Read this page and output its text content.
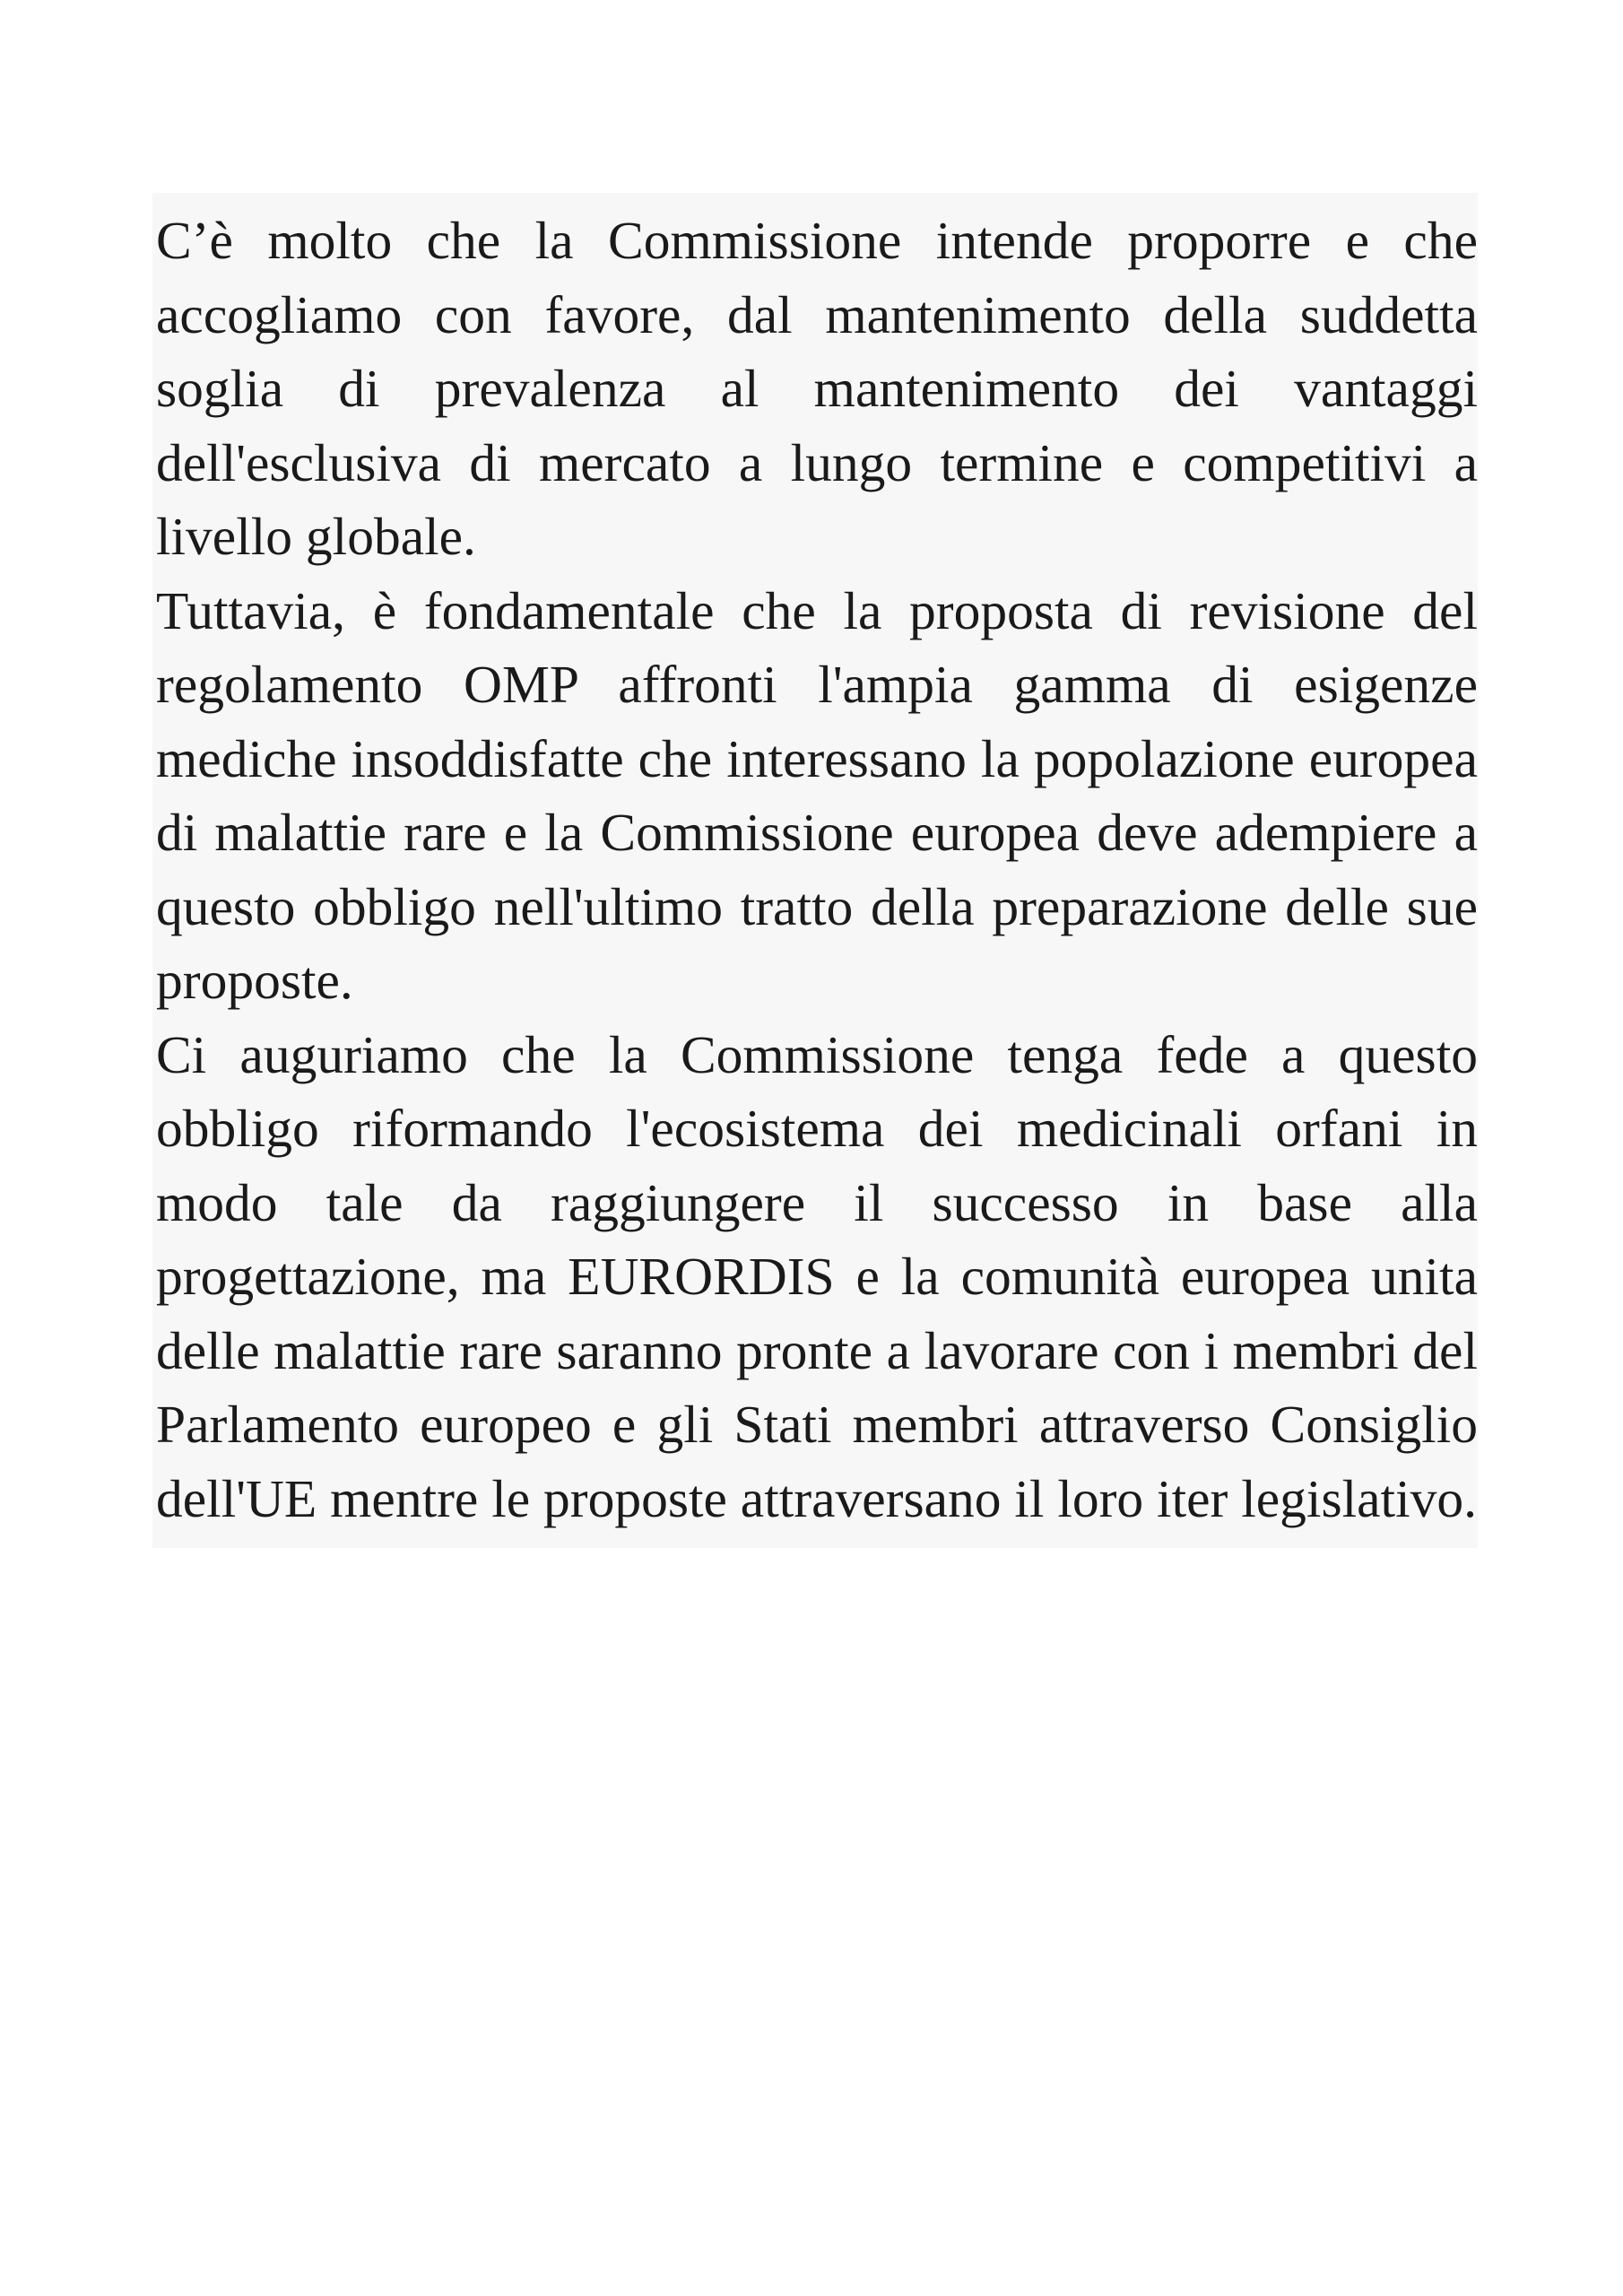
C’è molto che la Commissione intende proporre e che accogliamo con favore, dal mantenimento della suddetta soglia di prevalenza al mantenimento dei vantaggi dell'esclusiva di mercato a lungo termine e competitivi a livello globale.

Tuttavia, è fondamentale che la proposta di revisione del regolamento OMP affronti l'ampia gamma di esigenze mediche insoddisfatte che interessano la popolazione europea di malattie rare e la Commissione europea deve adempiere a questo obbligo nell'ultimo tratto della preparazione delle sue proposte.

Ci auguriamo che la Commissione tenga fede a questo obbligo riformando l'ecosistema dei medicinali orfani in modo tale da raggiungere il successo in base alla progettazione, ma EURORDIS e la comunità europea unita delle malattie rare saranno pronte a lavorare con i membri del Parlamento europeo e gli Stati membri attraverso Consiglio dell'UE mentre le proposte attraversano il loro iter legislativo.
